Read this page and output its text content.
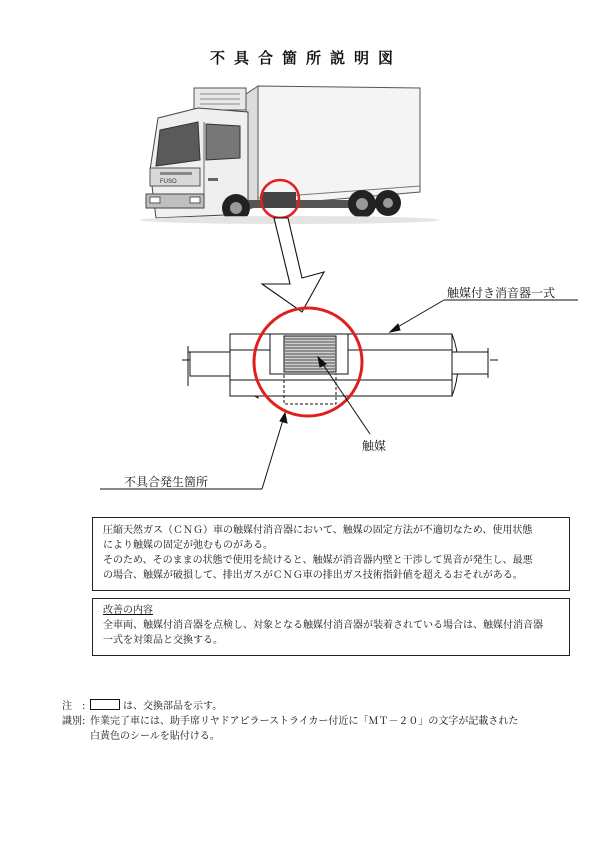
不具合箇所説明図
FUSO
触媒付き消音器一式
触媒
不具合発生箇所
圧縮天然ガス（ＣＮＧ）車の触媒付消音器において、触媒の固定方法が不適切なため、使用状態
により触媒の固定が弛むものがある。
そのため、そのままの状態で使用を続けると、触媒が消音器内壁と干渉して異音が発生し、最悪
の場合、触媒が破損して、排出ガスがＣＮＧ車の排出ガス技術指針値を超えるおそれがある。
改善の内容
全車両、触媒付消音器を点検し、対象となる触媒付消音器が装着されている場合は、触媒付消音器
一式を対策品と交換する。
注 :	は、交換部品を示す。
識別 : 作業完了車には、助手席リヤドアピラーストライカー付近に「ＭＴ－２０」の文字が記載された
白黄色のシールを貼付ける。
